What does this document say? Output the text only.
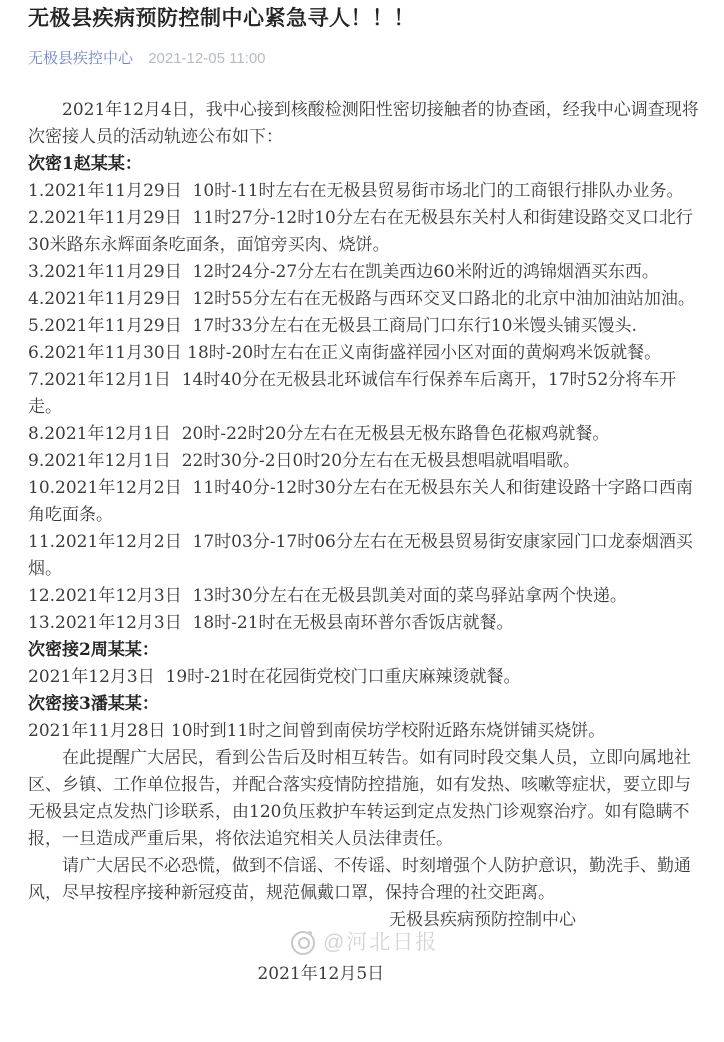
无极县疾病预防控制中心紧急寻人！！！
无极县疾控中心 2021-12-05 11:00

2021年12月4日，我中心接到核酸检测阳性密切接触者的协查函，经我中心调查现将次密接人员的活动轨迹公布如下：

次密1赵某某：

1.2021年11月29日  10时-11时左右在无极县贸易街市场北门的工商银行排队办业务。

2.2021年11月29日  11时27分-12时10分左右在无极县东关村人和街建设路交叉口北行30米路东永辉面条吃面条，面馆旁买肉、烧饼。

3.2021年11月29日  12时24分-27分左右在凯美西边60米附近的鸿锦烟酒买东西。

4.2021年11月29日  12时55分左右在无极路与西环交叉口路北的北京中油加油站加油。

5.2021年11月29日  17时33分左右在无极县工商局门口东行10米馒头铺买馒头.

6.2021年11月30日 18时-20时左右在正义南街盛祥园小区对面的黄焖鸡米饭就餐。

7.2021年12月1日  14时40分在无极县北环诚信车行保养车后离开，17时52分将车开走。

8.2021年12月1日  20时-22时20分左右在无极县无极东路鲁色花椒鸡就餐。

9.2021年12月1日  22时30分-2日0时20分左右在无极县想唱就唱唱歌。

10.2021年12月2日  11时40分-12时30分左右在无极县东关人和街建设路十字路口西南角吃面条。

11.2021年12月2日  17时03分-17时06分左右在无极县贸易街安康家园门口龙泰烟酒买烟。

12.2021年12月3日  13时30分左右在无极县凯美对面的菜鸟驿站拿两个快递。

13.2021年12月3日  18时-21时在无极县南环普尔香饭店就餐。

次密接2周某某：

2021年12月3日  19时-21时在花园街党校门口重庆麻辣烫就餐。

次密接3潘某某：

2021年11月28日 10时到11时之间曾到南侯坊学校附近路东烧饼铺买烧饼。

在此提醒广大居民，看到公告后及时相互转告。如有同时段交集人员，立即向属地社区、乡镇、工作单位报告，并配合落实疫情防控措施，如有发热、咳嗽等症状，要立即与无极县定点发热门诊联系，由120负压救护车转运到定点发热门诊观察治疗。如有隐瞒不报，一旦造成严重后果，将依法追究相关人员法律责任。

请广大居民不必恐慌，做到不信谣、不传谣、时刻增强个人防护意识，勤洗手、勤通风，尽早按程序接种新冠疫苗，规范佩戴口罩，保持合理的社交距离。

无极县疾病预防控制中心

2021年12月5日

@河北日报
